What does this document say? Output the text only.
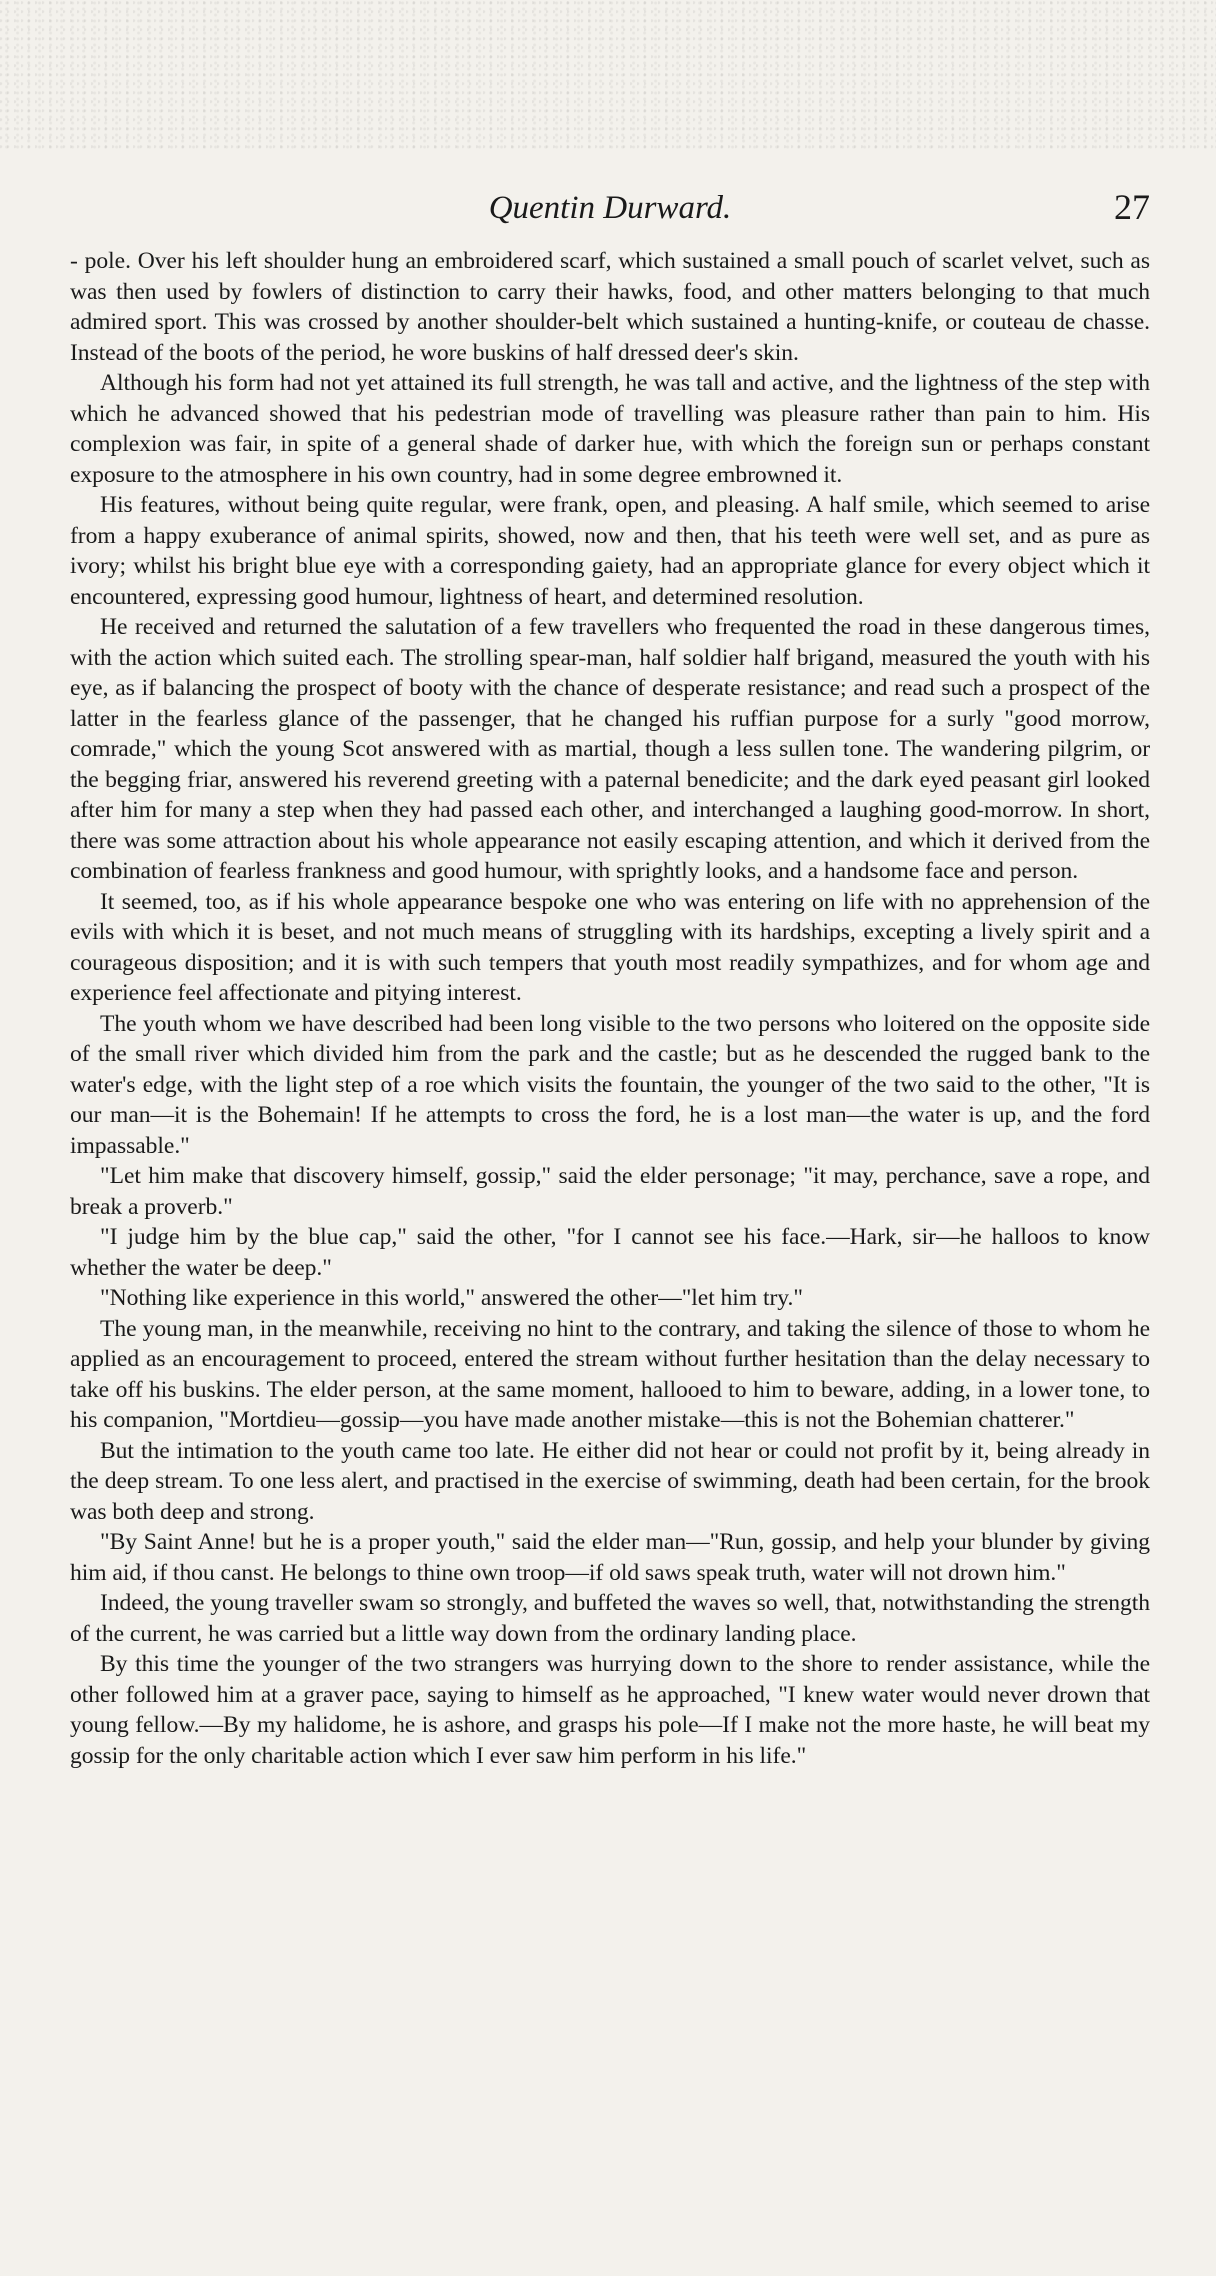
Quentin Durward.	27

- pole. Over his left shoulder hung an embroidered scarf, which sustained a small pouch of scarlet velvet, such as was then used by fowlers of distinction to carry their hawks, food, and other matters belonging to that much admired sport. This was crossed by another shoulder-belt which sustained a hunting-knife, or couteau de chasse. Instead of the boots of the period, he wore buskins of half dressed deer's skin.

Although his form had not yet attained its full strength, he was tall and active, and the lightness of the step with which he advanced showed that his pedestrian mode of travelling was pleasure rather than pain to him. His complexion was fair, in spite of a general shade of darker hue, with which the foreign sun or perhaps constant exposure to the atmosphere in his own country, had in some degree embrowned it.

His features, without being quite regular, were frank, open, and pleasing. A half smile, which seemed to arise from a happy exuberance of animal spirits, showed, now and then, that his teeth were well set, and as pure as ivory; whilst his bright blue eye with a corresponding gaiety, had an appropriate glance for every object which it encountered, expressing good humour, lightness of heart, and determined resolution.

He received and returned the salutation of a few travellers who frequented the road in these dangerous times, with the action which suited each. The strolling spear-man, half soldier half brigand, measured the youth with his eye, as if balancing the prospect of booty with the chance of desperate resistance; and read such a prospect of the latter in the fearless glance of the passenger, that he changed his ruffian purpose for a surly "good morrow, comrade," which the young Scot answered with as martial, though a less sullen tone. The wandering pilgrim, or the begging friar, answered his reverend greeting with a paternal benedicite; and the dark eyed peasant girl looked after him for many a step when they had passed each other, and interchanged a laughing good-morrow. In short, there was some attraction about his whole appearance not easily escaping attention, and which it derived from the combination of fearless frankness and good humour, with sprightly looks, and a handsome face and person.

It seemed, too, as if his whole appearance bespoke one who was entering on life with no apprehension of the evils with which it is beset, and not much means of struggling with its hardships, excepting a lively spirit and a courageous disposition; and it is with such tempers that youth most readily sympathizes, and for whom age and experience feel affectionate and pitying interest.

The youth whom we have described had been long visible to the two persons who loitered on the opposite side of the small river which divided him from the park and the castle; but as he descended the rugged bank to the water's edge, with the light step of a roe which visits the fountain, the younger of the two said to the other, "It is our man—it is the Bohemain! If he attempts to cross the ford, he is a lost man—the water is up, and the ford impassable."

"Let him make that discovery himself, gossip," said the elder personage; "it may, perchance, save a rope, and break a proverb."

"I judge him by the blue cap," said the other, "for I cannot see his face.—Hark, sir—he halloos to know whether the water be deep."

"Nothing like experience in this world," answered the other—"let him try."

The young man, in the meanwhile, receiving no hint to the contrary, and taking the silence of those to whom he applied as an encouragement to proceed, entered the stream without further hesitation than the delay necessary to take off his buskins. The elder person, at the same moment, hallooed to him to beware, adding, in a lower tone, to his companion, "Mortdieu—gossip—you have made another mistake—this is not the Bohemian chatterer."

But the intimation to the youth came too late. He either did not hear or could not profit by it, being already in the deep stream. To one less alert, and practised in the exercise of swimming, death had been certain, for the brook was both deep and strong.

"By Saint Anne! but he is a proper youth," said the elder man—"Run, gossip, and help your blunder by giving him aid, if thou canst. He belongs to thine own troop—if old saws speak truth, water will not drown him."

Indeed, the young traveller swam so strongly, and buffeted the waves so well, that, notwithstanding the strength of the current, he was carried but a little way down from the ordinary landing place.

By this time the younger of the two strangers was hurrying down to the shore to render assistance, while the other followed him at a graver pace, saying to himself as he approached, "I knew water would never drown that young fellow.—By my halidome, he is ashore, and grasps his pole—If I make not the more haste, he will beat my gossip for the only charitable action which I ever saw him perform in his life."
